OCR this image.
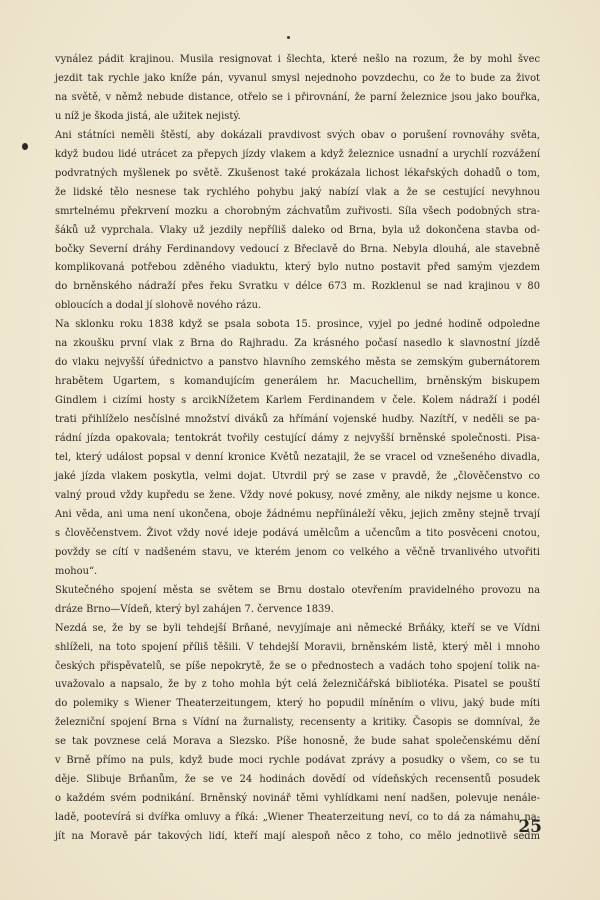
vynález pádit krajinou. Musila resignovat i šlechta, které nešlo na rozum, že by mohl švec
jezdit tak rychle jako kníže pán, vyvanul smysl nejednoho povzdechu, co že to bude za život
na světě, v němž nebude distance, otřelo se i přirovnání, že parní železnice jsou jako bouřka,
u níž je škoda jistá, ale užitek nejistý.
Ani státníci neměli štěstí, aby dokázali pravdivost svých obav o porušení rovnováhy světa,
když budou lidé utrácet za přepych jízdy vlakem a když železnice usnadní a urychlí rozvážení
podvratných myšlenek po světě. Zkušenost také prokázala lichost lékařských dohadů o tom,
že lidské tělo nesnese tak rychlého pohybu jaký nabízí vlak a že se cestující nevyhnou
smrtelnému překrvení mozku a chorobným záchvatům zuřivosti. Síla všech podobných stra-
šáků už vyprchala. Vlaky už jezdily nepříliš daleko od Brna, byla už dokončena stavba od-
bočky Severní dráhy Ferdinandovy vedoucí z Břeclavě do Brna. Nebyla dlouhá, ale stavebně
komplikovaná potřebou zděného viaduktu, který bylo nutno postavit před samým vjezdem
do brněnského nádraží přes řeku Svratku v délce 673 m. Rozklenul se nad krajinou v 80
obloucích a dodal jí slohově nového rázu.
Na sklonku roku 1838 když se psala sobota 15. prosince, vyjel po jedné hodině odpoledne
na zkoušku první vlak z Brna do Rajhradu. Za krásného počasí nasedlo k slavnostní jízdě
do vlaku nejvyšší úřednictvo a panstvo hlavního zemského města se zemským gubernátorem
hrabětem Ugartem, s komandujícím generálem hr. Macuchellim, brněnským biskupem
Gindlem i cizími hosty s arcikNížetem Karlem Ferdinandem v čele. Kolem nádraží i podél
trati přihlíželo nesčíslné množství diváků za hřímání vojenské hudby. Nazítří, v neděli se pa-
rádní jízda opakovala; tentokrát tvořily cestující dámy z nejvyšší brněnské společnosti. Pisa-
tel, který událost popsal v denní kronice Květů nezatajil, že se vracel od vznešeného divadla,
jaké jízda vlakem poskytla, velmi dojat. Utvrdil prý se zase v pravdě, že „člověčenstvo co
valný proud vždy kupředu se žene. Vždy nové pokusy, nové změny, ale nikdy nejsme u konce.
Ani věda, ani uma není ukončena, oboje žádnému nepříináleží věku, jejich změny stejně trvají
s člověčenstvem. Život vždy nové ideje podává umělcům a učencům a tito posvěceni cnotou,
povždy se cítí v nadšeném stavu, ve kterém jenom co velkého a věčně trvanlivého utvořiti
mohou“.
Skutečného spojení města se světem se Brnu dostalo otevřením pravidelného provozu na
dráze Brno—Vídeň, který byl zahájen 7. července 1839.
Nezdá se, že by se byli tehdejší Brňané, nevyjímaje ani německé Brňáky, kteří se ve Vídni
shlíželi, na toto spojení příliš těšili. V tehdejší Moravii, brněnském listě, který měl i mnoho
českých přispěvatelů, se píše nepokrytě, že se o přednostech a vadách toho spojení tolik na-
uvažovalo a napsalo, že by z toho mohla být celá železničářská bibliotéka. Pisatel se pouští
do polemiky s Wiener Theaterzeitungem, který ho popudil míněním o vlivu, jaký bude míti
železniční spojení Brna s Vídní na žurnalisty, recensenty a kritiky. Časopis se domníval, že
se tak povznese celá Morava a Slezsko. Píše honosně, že bude sahat společenskému dění
v Brně přímo na puls, když bude moci rychle podávat zprávy a posudky o všem, co se tu
děje. Slibuje Brňanům, že se ve 24 hodinách dovědí od vídeňských recensentů posudek
o každém svém podnikání. Brněnský novinář těmi vyhlídkami není nadšen, polevuje nenále-
ladě, pootevírá si dvířka omluvy a říká: „Wiener Theaterzeitung neví, co to dá za námahu na-
jít na Moravě pár takových lidí, kteří mají alespoň něco z toho, co mělo jednotlivě sedm
25
